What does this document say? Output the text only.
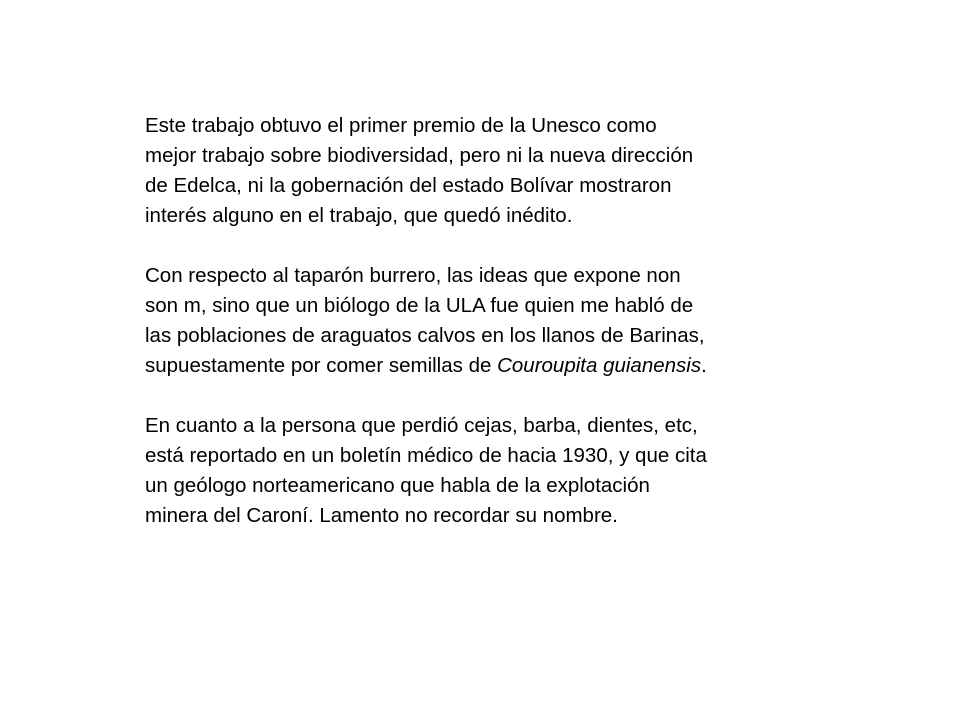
Este trabajo obtuvo el primer premio de la Unesco como
mejor trabajo sobre biodiversidad, pero ni la nueva dirección
de Edelca, ni la gobernación del estado Bolívar mostraron
interés alguno en el trabajo, que quedó inédito.

Con respecto al taparón burrero, las ideas que expone non
son m, sino que un biólogo de la ULA fue quien me habló de
las poblaciones de araguatos calvos en los llanos de Barinas,
supuestamente por comer semillas de Couroupita guianensis.

En cuanto a la persona que perdió cejas, barba, dientes, etc,
está reportado en un boletín médico de hacia 1930, y que cita
un geólogo norteamericano que habla de la explotación
minera del Caroní. Lamento no recordar su nombre.
